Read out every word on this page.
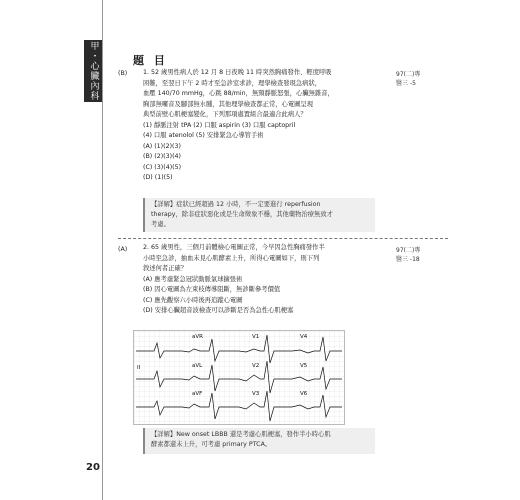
甲・心臟內科
20
題 目
(B)	1. 52 歲男性病人於 12 月 8 日夜晚 11 時突然胸痛發作、輕度呼吸
困難，至翌日下午 2 時才至急診室求診，理學檢查發現急病狀，
血壓 140/70 mmHg，心跳 88/min，無頸靜脈怒張，心臟無雜音，
胸部無囉音及腳部無水腫，其他理學檢查都正常，心電圖呈現
典型前壁心肌梗塞變化，下列那項處置組合最適合此病人？
(1) 靜脈注射 tPA (2) 口服 aspirin (3) 口服 captopril
(4) 口服 atenolol (5) 安排緊急心導管手術
(A) (1)(2)(3)
(B) (2)(3)(4)
(C) (3)(4)(5)
(D) (1)(5)
97(二)專
醫三 -5
【詳解】症狀已經超過 12 小時，不一定要進行 reperfusion
therapy，除非症狀惡化或是生命徵象不穩，其他藥物治療無致才
考慮。
(A)	2. 65 歲男性，三個月前體檢心電圖正常，今早因急性胸痛發作半
小時至急診，抽血未見心肌酵素上升，所得心電圖如下，則下列
敘述何者正確？
(A) 應考慮緊急冠狀動脈氣球擴張術
(B) 因心電圖為左束枝傳導阻斷，無診斷參考價值
(C) 應先觀察六小時後再追蹤心電圖
(D) 安排心臟超音波檢查可以診斷是否為急性心肌梗塞
97(二)專
醫三 -18
aVR	V1	V4
aVL	V2	V5
aVF	V3	V6
II
【詳解】New onset LBBB 還是考慮心肌梗塞，發作半小時心肌
酵素都還未上升，可考慮 primary PTCA。
